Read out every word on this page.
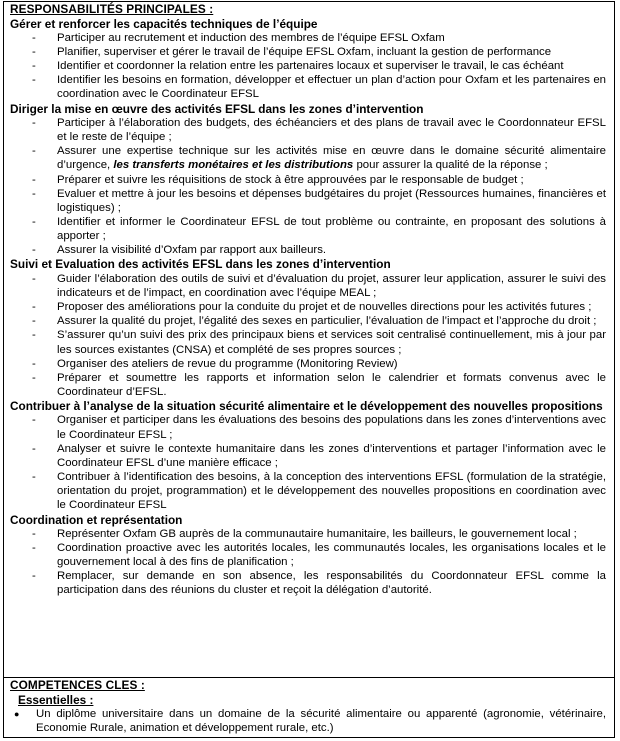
RESPONSABILITÉS PRINCIPALES :
Gérer et renforcer les capacités techniques de l’équipe
- Participer au recrutement et induction des membres de l’équipe EFSL Oxfam
- Planifier, superviser et gérer le travail de l’équipe EFSL Oxfam, incluant la gestion de performance
- Identifier et coordonner la relation entre les partenaires locaux et superviser le travail, le cas échéant
- Identifier les besoins en formation, développer et effectuer un plan d’action pour Oxfam et les partenaires en coordination avec le Coordinateur EFSL
Diriger la mise en œuvre des activités EFSL dans les zones d’intervention
- Participer à l’élaboration des budgets, des échéanciers et des plans de travail avec le Coordonnateur EFSL et le reste de l’équipe ;
- Assurer une expertise technique sur les activités mise en œuvre dans le domaine sécurité alimentaire d’urgence, les transferts monétaires et les distributions pour assurer la qualité de la réponse ;
- Préparer et suivre les réquisitions de stock à être approuvées par le responsable de budget ;
- Evaluer et mettre à jour les besoins et dépenses budgétaires du projet (Ressources humaines, financières et logistiques) ;
- Identifier et informer le Coordinateur EFSL de tout problème ou contrainte, en proposant des solutions à apporter ;
- Assurer la visibilité d’Oxfam par rapport aux bailleurs.
Suivi et Evaluation des activités EFSL dans les zones d’intervention
- Guider l’élaboration des outils de suivi et d’évaluation du projet, assurer leur application, assurer le suivi des indicateurs et de l’impact, en coordination avec l’équipe MEAL ;
- Proposer des améliorations pour la conduite du projet et de nouvelles directions pour les activités futures ;
- Assurer la qualité du projet, l’égalité des sexes en particulier, l’évaluation de l’impact et l’approche du droit ;
- S’assurer qu’un suivi des prix des principaux biens et services soit centralisé continuellement, mis à jour par les sources existantes (CNSA) et complété de ses propres sources ;
- Organiser des ateliers de revue du programme (Monitoring Review)
- Préparer et soumettre les rapports et information selon le calendrier et formats convenus avec le Coordinateur d’EFSL.
Contribuer à l’analyse de la situation sécurité alimentaire et le développement des nouvelles propositions
- Organiser et participer dans les évaluations des besoins des populations dans les zones d’interventions avec le Coordinateur EFSL ;
- Analyser et suivre le contexte humanitaire dans les zones d’interventions et partager l’information avec le Coordinateur EFSL d’une manière efficace ;
- Contribuer à l’identification des besoins, à la conception des interventions EFSL (formulation de la stratégie, orientation du projet, programmation) et le développement des nouvelles propositions en coordination avec le Coordinateur EFSL
Coordination et représentation
- Représenter Oxfam GB auprès de la communautaire humanitaire, les bailleurs, le gouvernement local ;
- Coordination proactive avec les autorités locales, les communautés locales, les organisations locales et le gouvernement local à des fins de planification ;
- Remplacer, sur demande en son absence, les responsabilités du Coordonnateur EFSL comme la participation dans des réunions du cluster et reçoit la délégation d’autorité.
COMPETENCES CLES :
Essentielles :
● Un diplôme universitaire dans un domaine de la sécurité alimentaire ou apparenté (agronomie, vétérinaire, Economie Rurale, animation et développement rurale, etc.)
